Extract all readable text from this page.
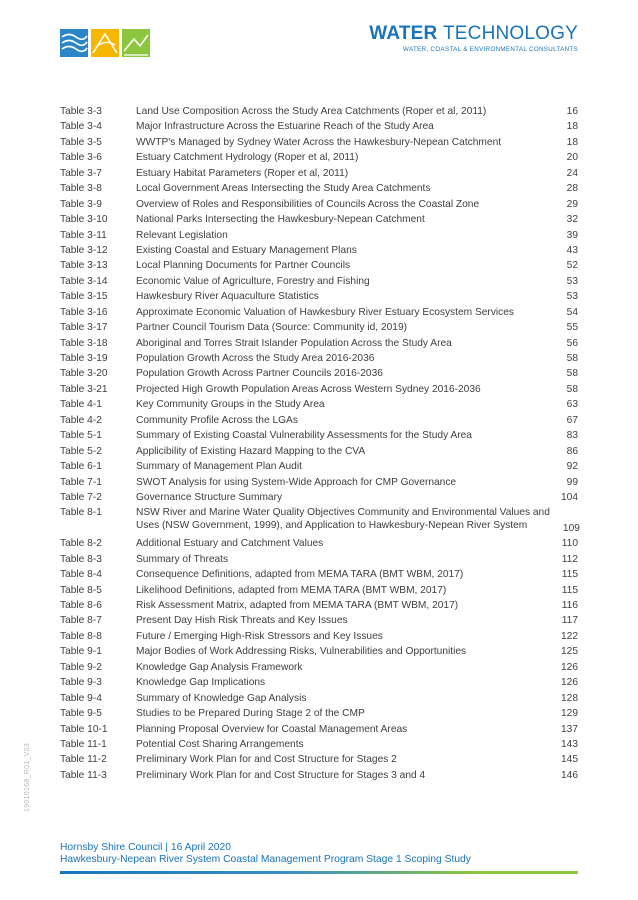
WATER TECHNOLOGY
WATER, COASTAL & ENVIRONMENTAL CONSULTANTS
Table 3-3	Land Use Composition Across the Study Area Catchments (Roper et al, 2011)	16
Table 3-4	Major Infrastructure Across the Estuarine Reach of the Study Area	18
Table 3-5	WWTP's Managed by Sydney Water Across the Hawkesbury-Nepean Catchment	18
Table 3-6	Estuary Catchment Hydrology (Roper et al, 2011)	20
Table 3-7	Estuary Habitat Parameters (Roper et al, 2011)	24
Table 3-8	Local Government Areas Intersecting the Study Area Catchments	28
Table 3-9	Overview of Roles and Responsibilities of Councils Across the Coastal Zone	29
Table 3-10	National Parks Intersecting the Hawkesbury-Nepean Catchment	32
Table 3-11	Relevant Legislation	39
Table 3-12	Existing Coastal and Estuary Management Plans	43
Table 3-13	Local Planning Documents for Partner Councils	52
Table 3-14	Economic Value of Agriculture, Forestry and Fishing	53
Table 3-15	Hawkesbury River Aquaculture Statistics	53
Table 3-16	Approximate Economic Valuation of Hawkesbury River Estuary Ecosystem Services	54
Table 3-17	Partner Council Tourism Data (Source: Community id, 2019)	55
Table 3-18	Aboriginal and Torres Strait Islander Population Across the Study Area	56
Table 3-19	Population Growth Across the Study Area 2016-2036	58
Table 3-20	Population Growth Across Partner Councils 2016-2036	58
Table 3-21	Projected High Growth Population Areas Across Western Sydney 2016-2036	58
Table 4-1	Key Community Groups in the Study Area	63
Table 4-2	Community Profile Across the LGAs	67
Table 5-1	Summary of Existing Coastal Vulnerability Assessments for the Study Area	83
Table 5-2	Applicibility of Existing Hazard Mapping to the CVA	86
Table 6-1	Summary of Management Plan Audit	92
Table 7-1	SWOT Analysis for using System-Wide Approach for CMP Governance	99
Table 7-2	Governance Structure Summary	104
Table 8-1	NSW River and Marine Water Quality Objectives Community and Environmental Values and
Uses (NSW Government, 1999), and Application to Hawkesbury-Nepean River System	109
Table 8-2	Additional Estuary and Catchment Values	110
Table 8-3	Summary of Threats	112
Table 8-4	Consequence Definitions, adapted from MEMA TARA (BMT WBM, 2017)	115
Table 8-5	Likelihood Definitions, adapted from MEMA TARA (BMT WBM, 2017)	115
Table 8-6	Risk Assessment Matrix, adapted from MEMA TARA (BMT WBM, 2017)	116
Table 8-7	Present Day Hish Risk Threats and Key Issues	117
Table 8-8	Future / Emerging High-Risk Stressors and Key Issues	122
Table 9-1	Major Bodies of Work Addressing Risks, Vulnerabilities and Opportunities	125
Table 9-2	Knowledge Gap Analysis Framework	126
Table 9-3	Knowledge Gap Implications	126
Table 9-4	Summary of Knowledge Gap Analysis	128
Table 9-5	Studies to be Prepared During Stage 2 of the CMP	129
Table 10-1	Planning Proposal Overview for Coastal Management Areas	137
Table 11-1	Potential Cost Sharing Arrangements	143
Table 11-2	Preliminary Work Plan for and Cost Structure for Stages 2	145
Table 11-3	Preliminary Work Plan for and Cost Structure for Stages 3 and 4	146
19010168_R01_V03
Hornsby Shire Council | 16 April 2020
Hawkesbury-Nepean River System Coastal Management Program Stage 1 Scoping Study
